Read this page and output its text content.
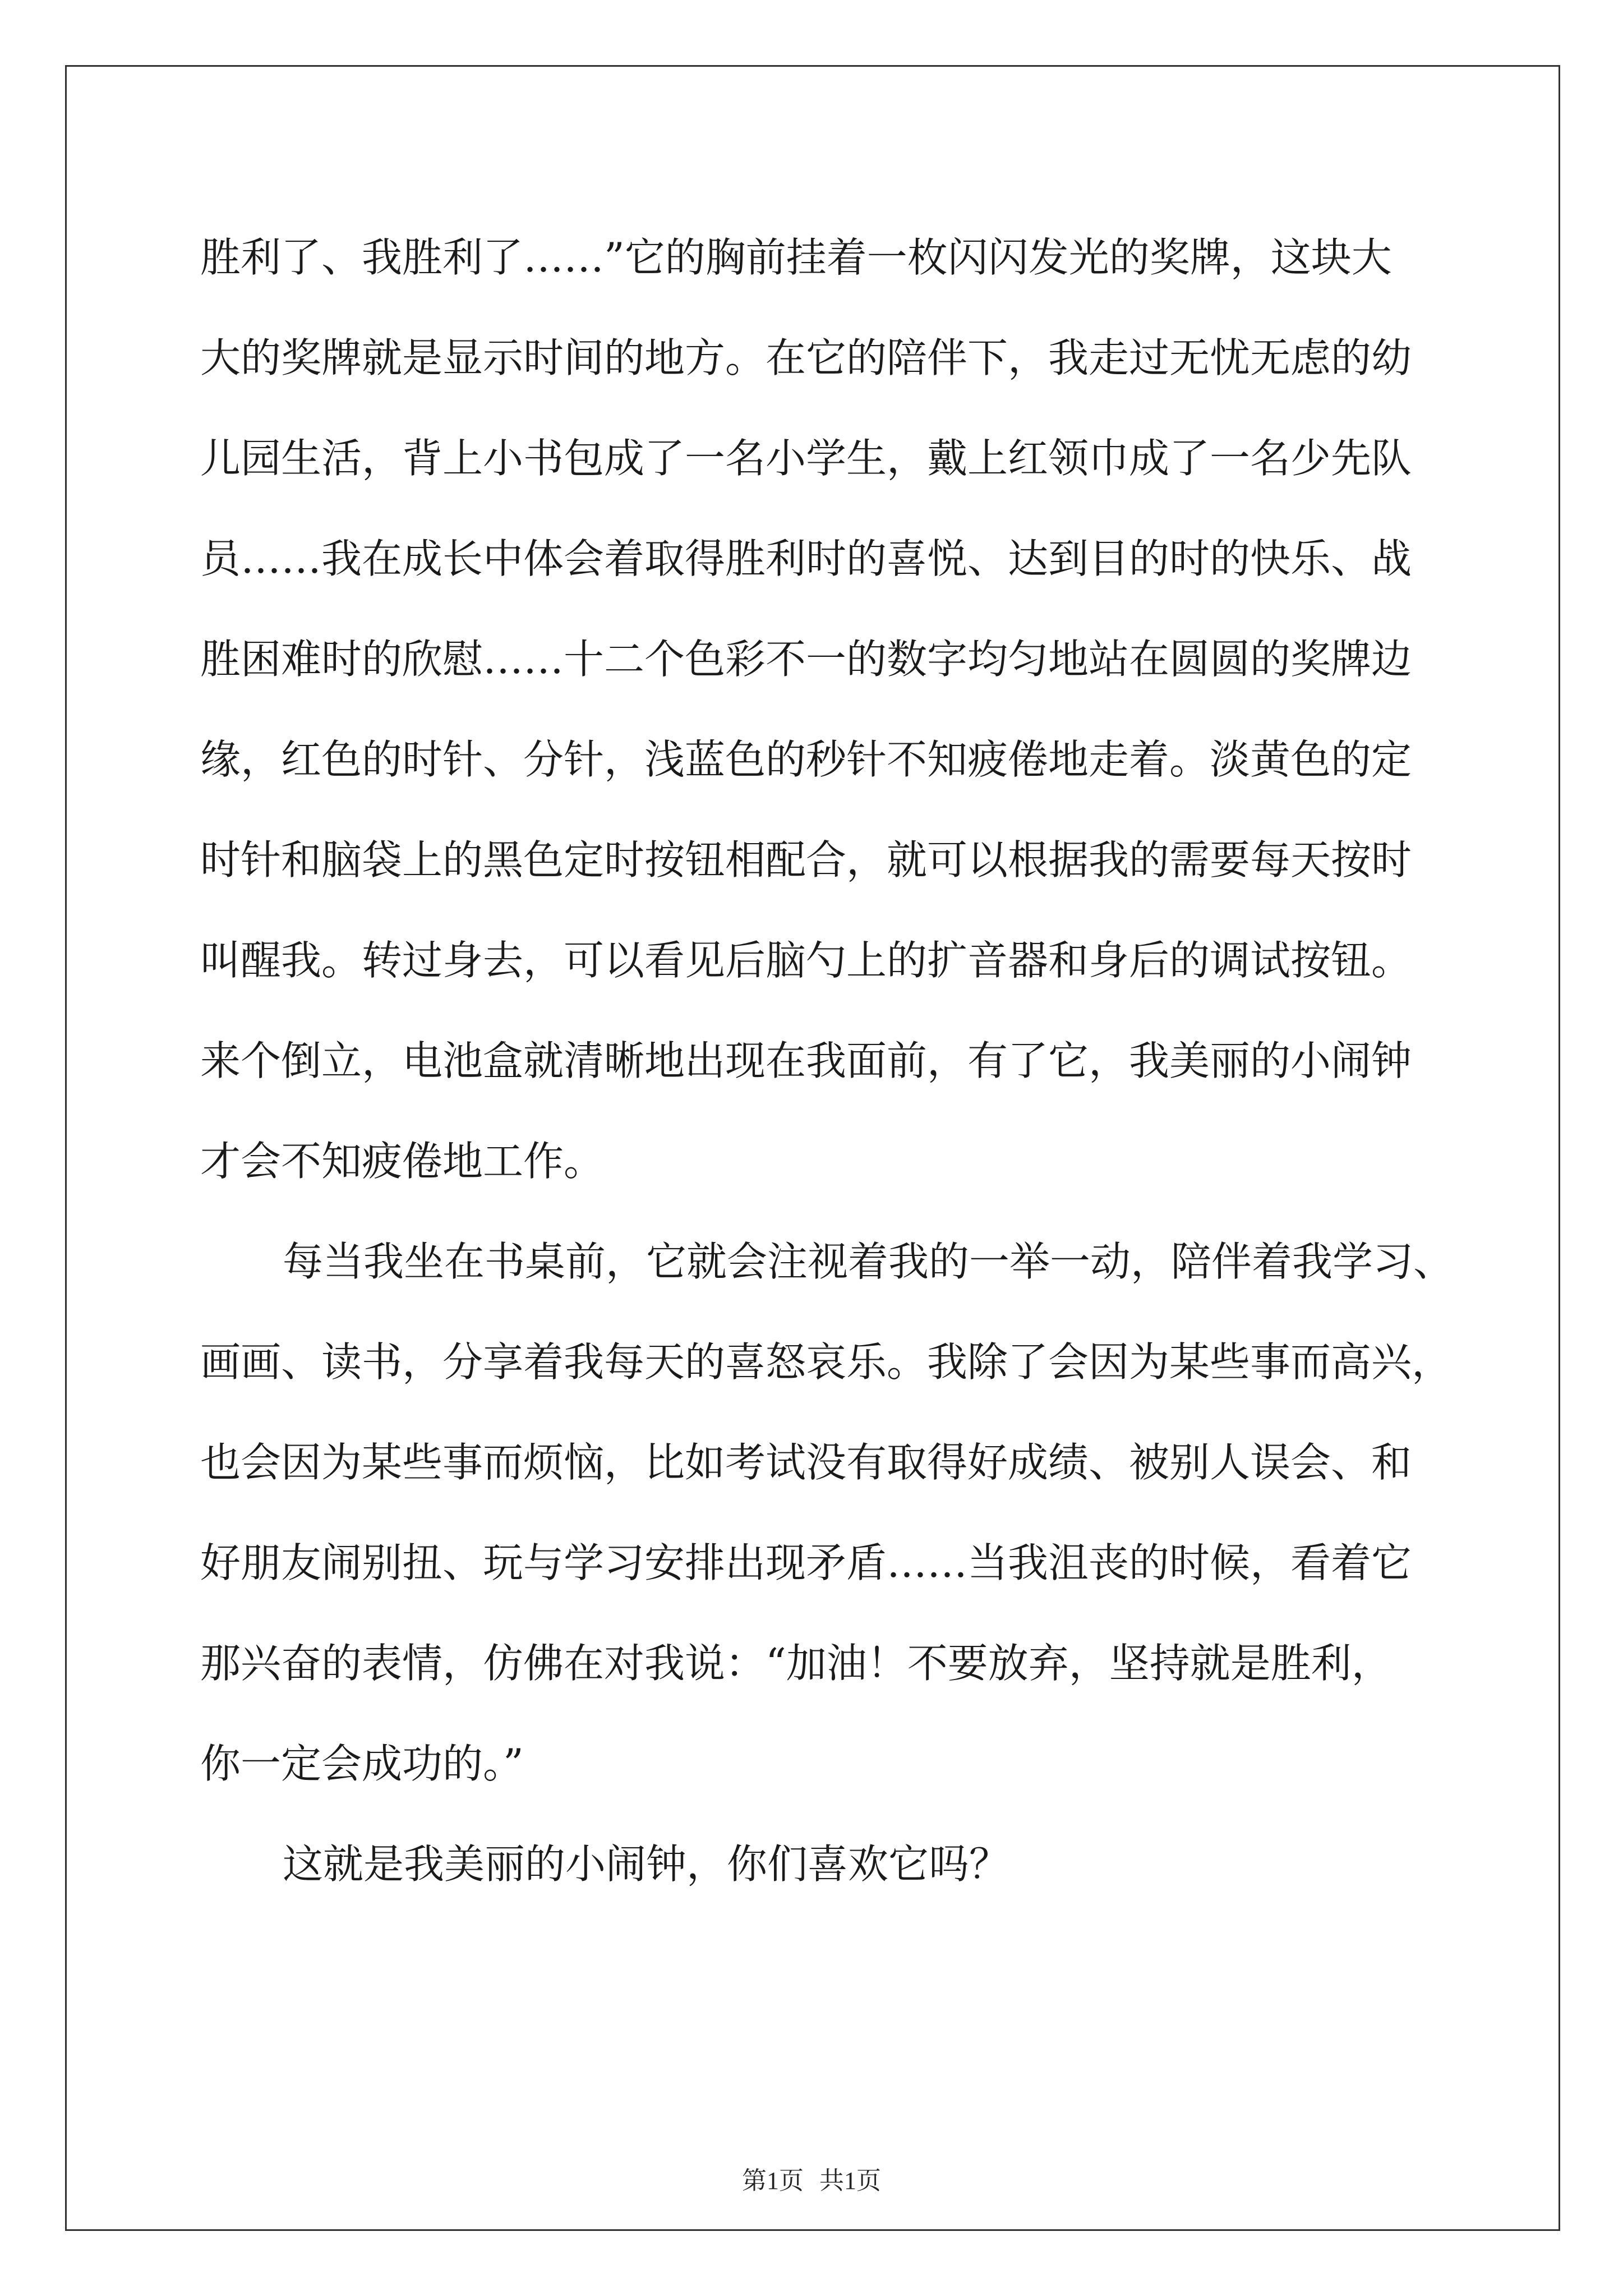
胜利了、我胜利了……”它的胸前挂着一枚闪闪发光的奖牌，这块大
大的奖牌就是显示时间的地方。在它的陪伴下，我走过无忧无虑的幼
儿园生活，背上小书包成了一名小学生，戴上红领巾成了一名少先队
员……我在成长中体会着取得胜利时的喜悦、达到目的时的快乐、战
胜困难时的欣慰……十二个色彩不一的数字均匀地站在圆圆的奖牌边
缘，红色的时针、分针，浅蓝色的秒针不知疲倦地走着。淡黄色的定
时针和脑袋上的黑色定时按钮相配合，就可以根据我的需要每天按时
叫醒我。转过身去，可以看见后脑勺上的扩音器和身后的调试按钮。
来个倒立，电池盒就清晰地出现在我面前，有了它，我美丽的小闹钟
才会不知疲倦地工作。
每当我坐在书桌前，它就会注视着我的一举一动，陪伴着我学习、
画画、读书，分享着我每天的喜怒哀乐。我除了会因为某些事而高兴，
也会因为某些事而烦恼，比如考试没有取得好成绩、被别人误会、和
好朋友闹别扭、玩与学习安排出现矛盾……当我沮丧的时候，看着它
那兴奋的表情，仿佛在对我说：“加油！不要放弃，坚持就是胜利，
你一定会成功的。”
这就是我美丽的小闹钟，你们喜欢它吗？
第1页 共1页
